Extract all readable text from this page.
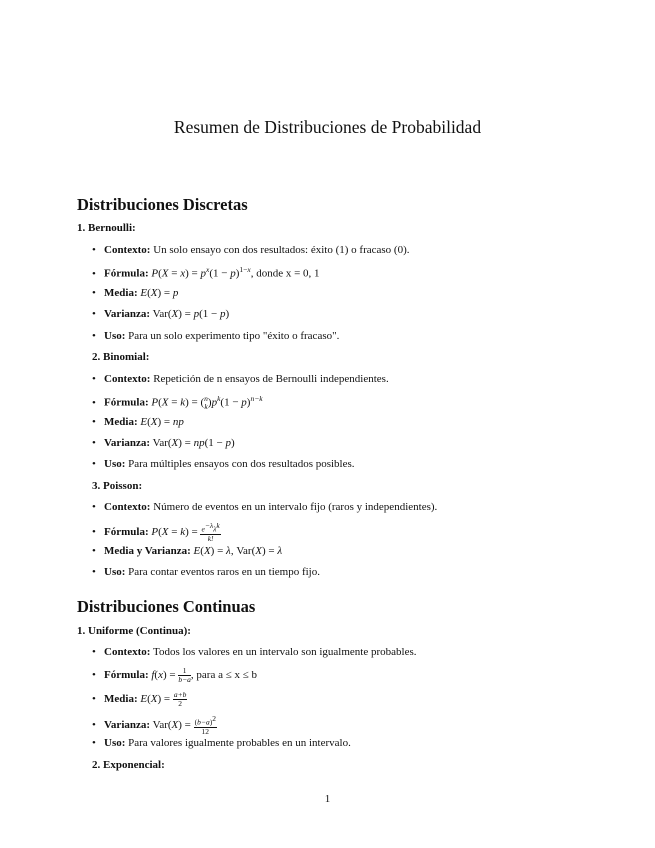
Resumen de Distribuciones de Probabilidad
Distribuciones Discretas
1. Bernoulli:
• Contexto: Un solo ensayo con dos resultados: éxito (1) o fracaso (0).
• Fórmula: $P(X = x) = p^x(1 - p)^{1-x}$, donde x = 0, 1
• Media: E(X) = p
• Varianza: Var(X) = p(1 − p)
• Uso: Para un solo experimento tipo "éxito o fracaso".
2. Binomial:
• Contexto: Repetición de n ensayos de Bernoulli independientes.
• Fórmula: P(X = k) = ( n
k )$p^k(1 - p)^{n-k}$
• Media: E(X) = np
• Varianza: Var(X) = np(1 − p)
• Uso: Para múltiples ensayos con dos resultados posibles.
3. Poisson:
• Contexto: Número de eventos en un intervalo fijo (raros y independientes).
• Fórmula: $P(X = k) = \frac{e^{-\lambda}\lambda^k}{k!}$
• Media y Varianza: E(X) = λ, Var(X) = λ
• Uso: Para contar eventos raros en un tiempo fijo.
Distribuciones Continuas
1. Uniforme (Continua):
• Contexto: Todos los valores en un intervalo son igualmente probables.
• Fórmula: $f(x) = \frac{1}{b-a}$ , para a ≤ x ≤ b
• Media: $E(X) = \frac{a+b}{2}$
• Varianza: $Var(X) = \frac{(b-a)^2}{12}$
• Uso: Para valores igualmente probables en un intervalo.
2. Exponencial:
1
